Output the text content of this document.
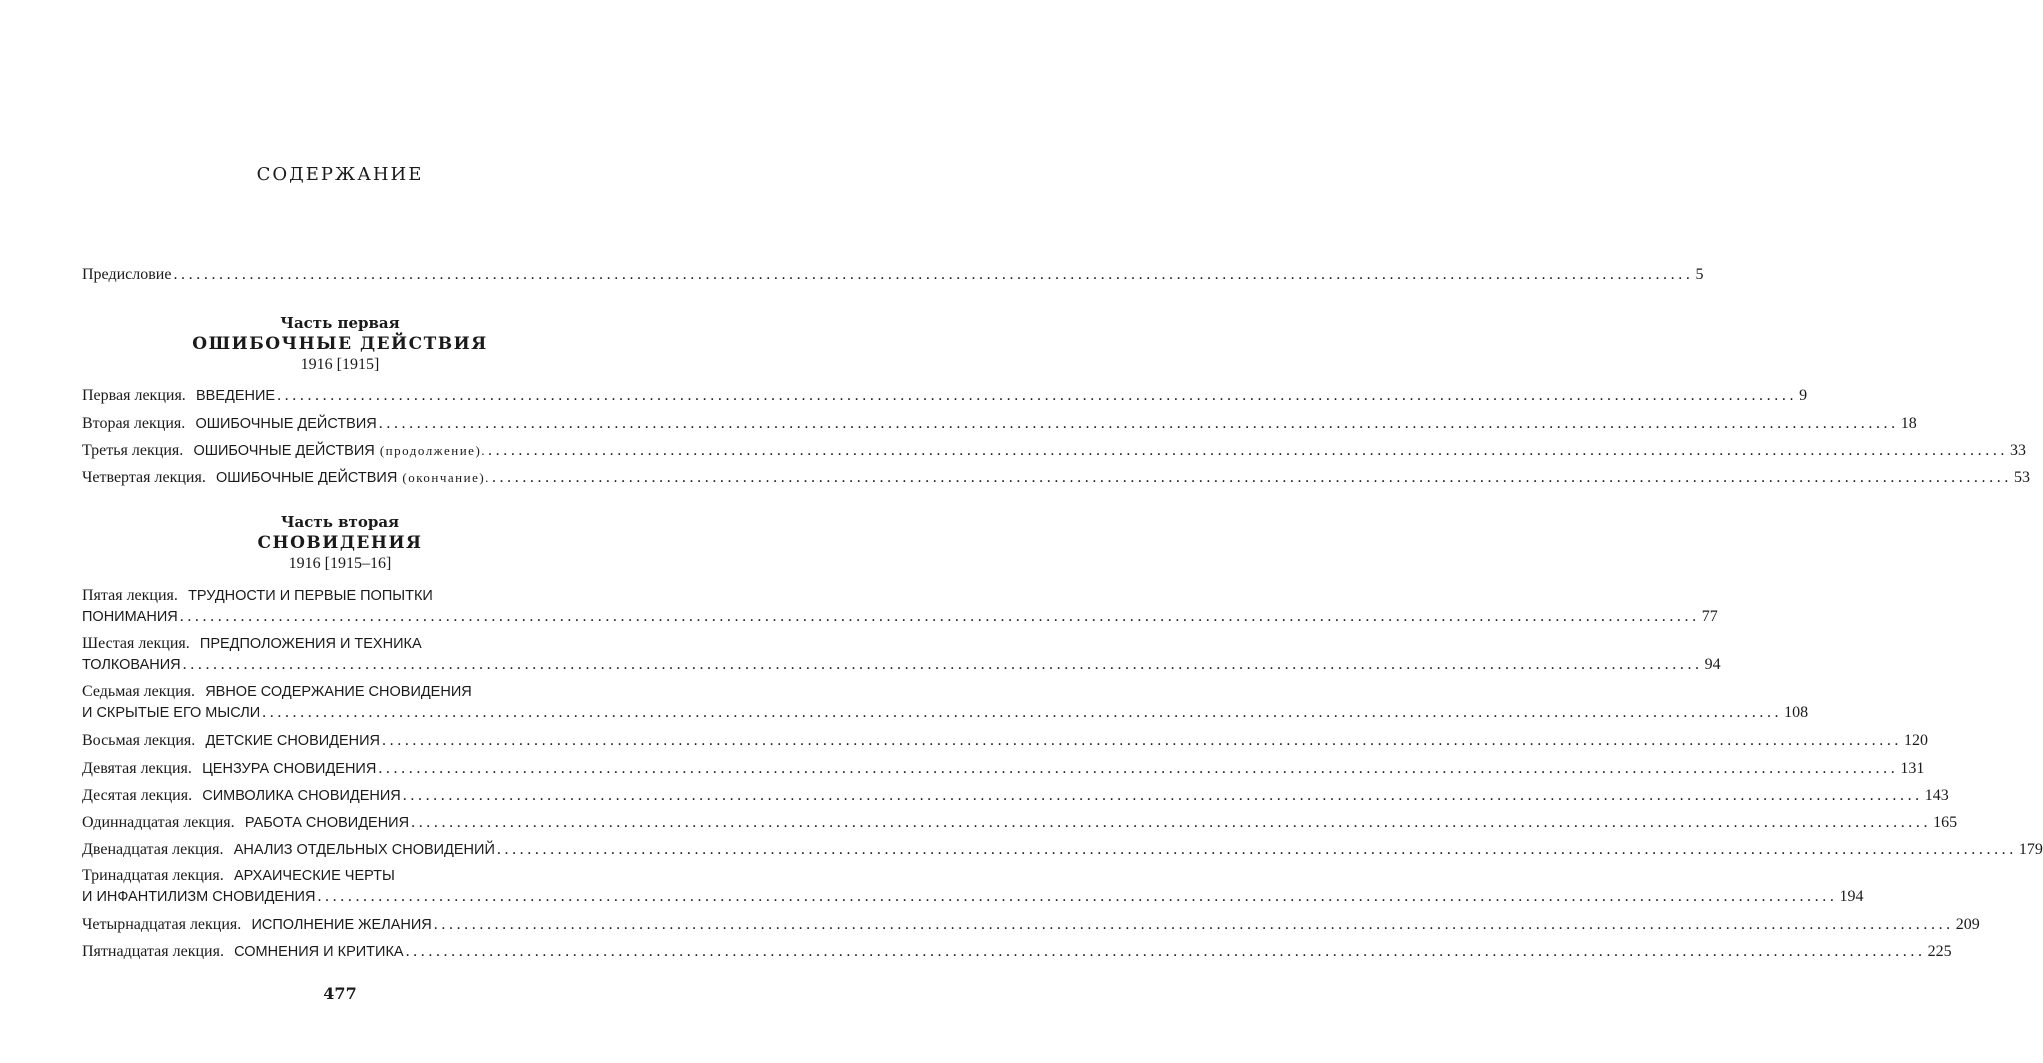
СОДЕРЖАНИЕ
Предисловие ........................................................................................................................................................................................................ 5
Часть первая
ОШИБОЧНЫЕ ДЕЙСТВИЯ
1916 [1915]
Первая лекция. ВВЕДЕНИЕ ........................................................................................................................................................................................................ 9
Вторая лекция. ОШИБОЧНЫЕ ДЕЙСТВИЯ ........................................................................................................................................................................................................ 18
Третья лекция. ОШИБОЧНЫЕ ДЕЙСТВИЯ (продолжение). ........................................................................................................................................................................................................ 33
Четвертая лекция. ОШИБОЧНЫЕ ДЕЙСТВИЯ (окончание). ........................................................................................................................................................................................................ 53
Часть вторая
СНОВИДЕНИЯ
1916 [1915–16]
Пятая лекция. ТРУДНОСТИ И ПЕРВЫЕ ПОПЫТКИ
ПОНИМАНИЯ ........................................................................................................................................................................................................ 77
Шестая лекция. ПРЕДПОЛОЖЕНИЯ И ТЕХНИКА
ТОЛКОВАНИЯ ........................................................................................................................................................................................................ 94
Седьмая лекция. ЯВНОЕ СОДЕРЖАНИЕ СНОВИДЕНИЯ
И СКРЫТЫЕ ЕГО МЫСЛИ ........................................................................................................................................................................................................ 108
Восьмая лекция. ДЕТСКИЕ СНОВИДЕНИЯ ........................................................................................................................................................................................................ 120
Девятая лекция. ЦЕНЗУРА СНОВИДЕНИЯ ........................................................................................................................................................................................................ 131
Десятая лекция. СИМВОЛИКА СНОВИДЕНИЯ ........................................................................................................................................................................................................ 143
Одиннадцатая лекция. РАБОТА СНОВИДЕНИЯ ........................................................................................................................................................................................................ 165
Двенадцатая лекция. АНАЛИЗ ОТДЕЛЬНЫХ СНОВИДЕНИЙ ........................................................................................................................................................................................................ 179
Тринадцатая лекция. АРХАИЧЕСКИЕ ЧЕРТЫ
И ИНФАНТИЛИЗМ СНОВИДЕНИЯ ........................................................................................................................................................................................................ 194
Четырнадцатая лекция. ИСПОЛНЕНИЕ ЖЕЛАНИЯ ........................................................................................................................................................................................................ 209
Пятнадцатая лекция. СОМНЕНИЯ И КРИТИКА ........................................................................................................................................................................................................ 225
477
